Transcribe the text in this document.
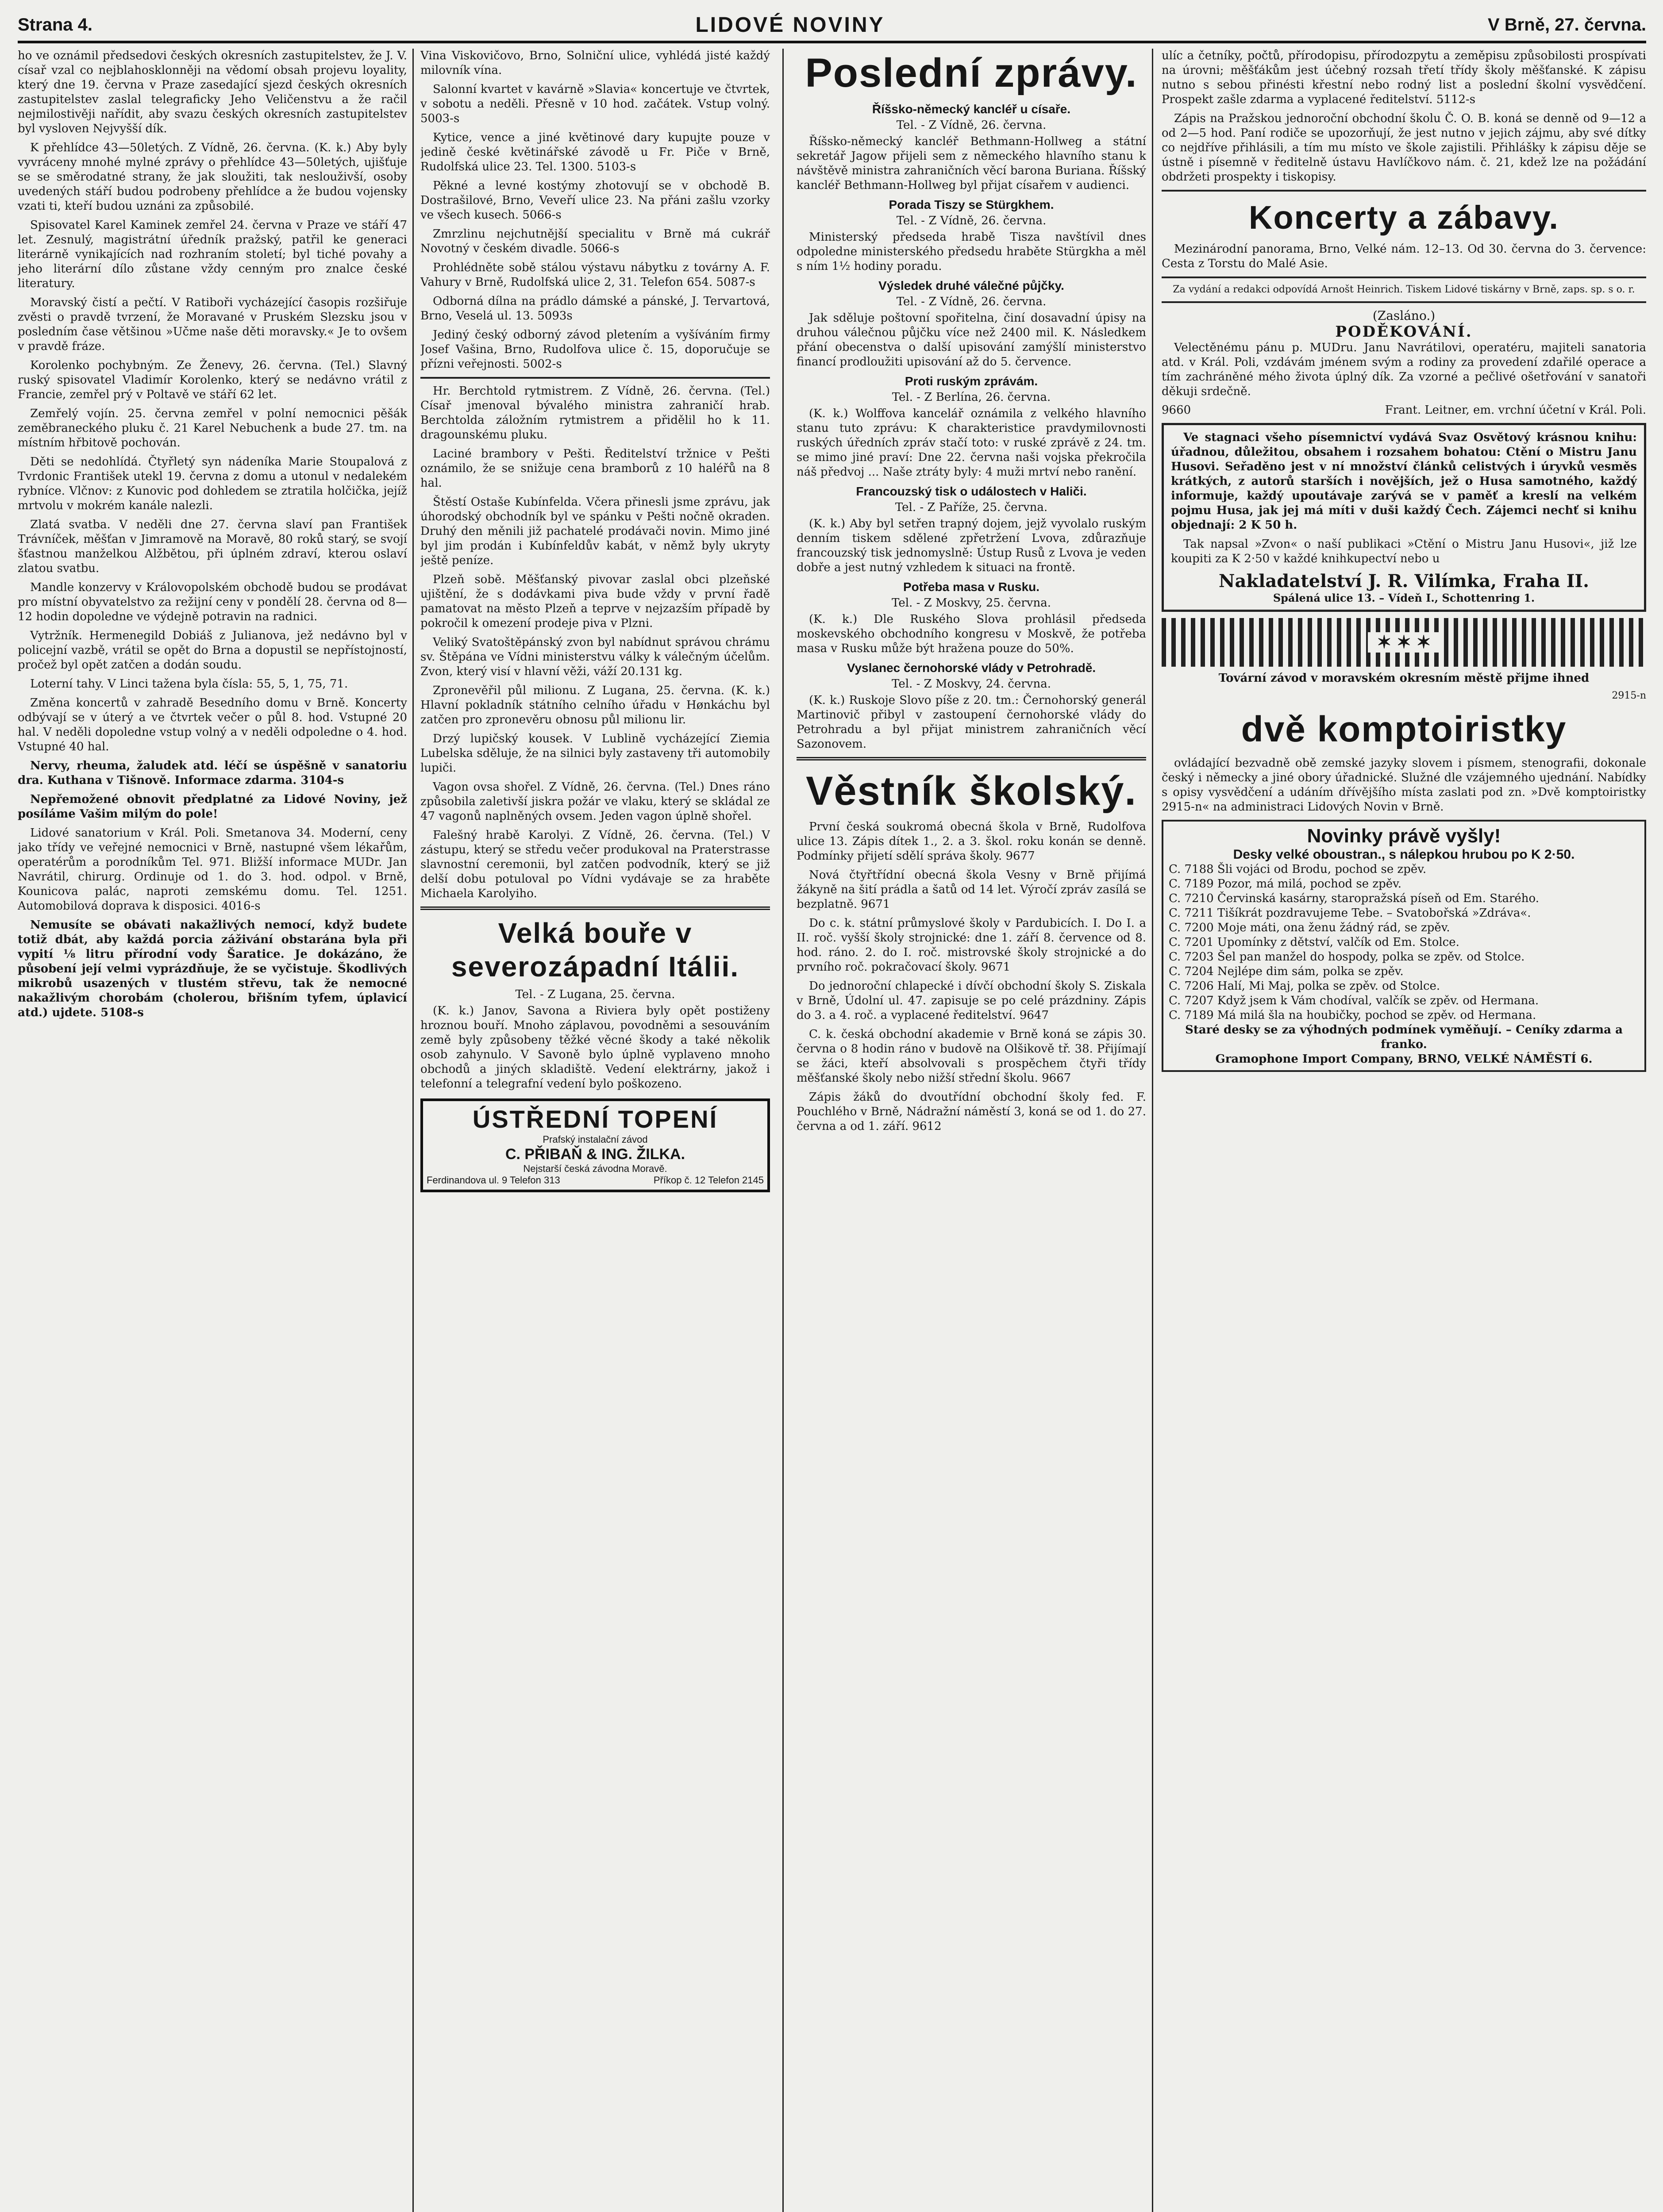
Strana 4.	LIDOVÉ NOVINY	V Brně, 27. června.

ho ve oznámil předsedovi českých okresních zastupitelstev, že J. V. císař vzal co nejblahosklonněji na vědomí obsah projevu loyality, který dne 19. června v Praze zasedající sjezd českých okresních zastupitelstev zaslal telegraficky Jeho Veličenstvu a že račil nejmilostivěji nařídit, aby svazu českých okresních zastupitelstev byl vysloven Nejvyšší dík.

K přehlídce 43—50letých. Z Vídně, 26. června. (K. k.) Aby byly vyvráceny mnohé mylné zprávy o přehlídce 43—50letých, ujišťuje se se směrodatné strany, že jak sloužiti, tak neslouživší, osoby uvedených stáří budou podrobeny přehlídce a že budou vojensky vzati ti, kteří budou uznáni za způsobilé.

Spisovatel Karel Kaminek zemřel 24. června v Praze ve stáří 47 let. Zesnulý, magistrátní úředník pražský, patřil ke generaci literárně vynikajících nad rozhraním století; byl tiché povahy a jeho literární dílo zůstane vždy cenným pro znalce české literatury.

Moravský čistí a pečtí. V Ratiboři vycházející časopis rozšiřuje zvěsti o pravdě tvrzení, že Moravané v Pruském Slezsku jsou v posledním čase většinou »Učme naše děti moravsky.« Je to ovšem v pravdě fráze.

Korolenko pochybným. Ze Ženevy, 26. června. (Tel.) Slavný ruský spisovatel Vladimír Korolenko, který se nedávno vrátil z Francie, zemřel prý v Poltavě ve stáří 62 let.

Zemřelý vojín. 25. června zemřel v polní nemocnici pěšák zeměbraneckého pluku č. 21 Karel Nebuchenk a bude 27. tm. na místním hřbitově pochován.

Děti se nedohlídá. Čtyřletý syn nádeníka Marie Stoupalová z Tvrdonic František utekl 19. června z domu a utonul v nedalekém rybníce. Vlčnov: z Kunovic pod dohledem se ztratila holčička, jejíž mrtvolu v mokrém kanále nalezli.

Zlatá svatba. V neděli dne 27. června slaví pan František Trávníček, měšťan v Jimramově na Moravě, 80 roků starý, se svojí šťastnou manželkou Alžbětou, při úplném zdraví, kterou oslaví zlatou svatbu.

Mandle konzervy v Královopolském obchodě budou se prodávat pro místní obyvatelstvo za režijní ceny v pondělí 28. června od 8—12 hodin dopoledne ve výdejně potravin na radnici.

Vytržník. Hermenegild Dobiáš z Julianova, jež nedávno byl v policejní vazbě, vrátil se opět do Brna a dopustil se nepřístojností, pročež byl opět zatčen a dodán soudu.

Loterní tahy. V Linci tažena byla čísla: 55, 5, 1, 75, 71.

Změna koncertů v zahradě Besedního domu v Brně. Koncerty odbývají se v úterý a ve čtvrtek večer o půl 8. hod. Vstupné 20 hal. V neděli dopoledne vstup volný a v neděli odpoledne o 4. hod. Vstupné 40 hal.

Nervy, rheuma, žaludek atd. léčí se úspěšně v sanatoriu dra. Kuthana v Tišnově. Informace zdarma. 3104-s

Nepřemožené obnovit předplatné za Lidové Noviny, jež posíláme Vašim milým do pole!

Lidové sanatorium v Král. Poli. Smetanova 34. Moderní, ceny jako třídy ve veřejné nemocnici v Brně, nastupné všem lékařům, operatérům a porodníkům Tel. 971. Bližší informace MUDr. Jan Navrátil, chirurg. Ordinuje od 1. do 3. hod. odpol. v Brně, Kounicova palác, naproti zemskému domu. Tel. 1251. Automobilová doprava k disposici. 4016-s

Nemusíte se obávati nakažlivých nemocí, když budete totiž dbát, aby každá porcia záživání obstarána byla při vypití ⅛ litru přírodní vody Šaratice. Je dokázáno, že působení její velmi vyprázdňuje, že se vyčistuje. Škodlivých mikrobů usazených v tlustém střevu, tak že nemocné nakažlivým chorobám (cholerou, břišním tyfem, úplavicí atd.) ujdete. 5108-s

Vina Viskovičovo, Brno, Solniční ulice, vyhlédá jisté každý milovník vína.

Salonní kvartet v kavárně »Slavia« koncertuje ve čtvrtek, v sobotu a neděli. Přesně v 10 hod. začátek. Vstup volný. 5003-s

Kytice, vence a jiné květinové dary kupujte pouze v jedině české květinářské závodě u Fr. Piče v Brně, Rudolfská ulice 23. Tel. 1300. 5103-s

Pěkné a levné kostýmy zhotovují se v obchodě B. Dostrašilové, Brno, Veveří ulice 23. Na přáni zašlu vzorky ve všech kusech. 5066-s

Zmrzlinu nejchutnější specialitu v Brně má cukrář Novotný v českém divadle. 5066-s

Prohlédněte sobě stálou výstavu nábytku z továrny A. F. Vahury v Brně, Rudolfská ulice 2, 31. Telefon 654. 5087-s

Odborná dílna na prádlo dámské a pánské, J. Tervartová, Brno, Veselá ul. 13. 5093s

Jediný český odborný závod pletením a vyšíváním firmy Josef Vašina, Brno, Rudolfova ulice č. 15, doporučuje se přízni veřejnosti. 5002-s

Hr. Berchtold rytmistrem. Z Vídně, 26. června. (Tel.) Císař jmenoval bývalého ministra zahraničí hrab. Berchtolda záložním rytmistrem a přidělil ho k 11. dragounskému pluku.

Laciné brambory v Pešti. Ředitelství tržnice v Pešti oznámilo, že se snižuje cena bramborů z 10 haléřů na 8 hal.

Štěstí Ostaše Kubínfelda. Včera přinesli jsme zprávu, jak úhorodský obchodník byl ve spánku v Pešti nočně okraden. Druhý den měnili již pachatelé prodávači novin. Mimo jiné byl jim prodán i Kubínfeldův kabát, v němž byly ukryty ještě peníze.

Plzeň sobě. Měšťanský pivovar zaslal obci plzeňské ujištění, že s dodávkami piva bude vždy v první řadě pamatovat na město Plzeň a teprve v nejzazším případě by pokročil k omezení prodeje piva v Plzni.

Veliký Svatoštěpánský zvon byl nabídnut správou chrámu sv. Štěpána ve Vídni ministerstvu války k válečným účelům. Zvon, který visí v hlavní věži, váží 20.131 kg.

Zpronevěřil půl milionu. Z Lugana, 25. června. (K. k.) Hlavní pokladník státního celního úřadu v Hønkáchu byl zatčen pro zpronevěru obnosu půl milionu lir.

Drzý lupičský kousek. V Lublině vycházející Ziemia Lubelska sděluje, že na silnici byly zastaveny tři automobily lupiči.

Vagon ovsa shořel. Z Vídně, 26. června. (Tel.) Dnes ráno způsobila zaletivší jiskra požár ve vlaku, který se skládal ze 47 vagonů naplněných ovsem. Jeden vagon úplně shořel.

Falešný hrabě Karolyi. Z Vídně, 26. června. (Tel.) V zástupu, který se středu večer produkoval na Praterstrasse slavnostní ceremonii, byl zatčen podvodník, který se již delší dobu potuloval po Vídni vydávaje se za hraběte Michaela Karolyiho.

Velká bouře v severozápadní Itálii.
Tel. - Z Lugana, 25. června.

(K. k.) Janov, Savona a Riviera byly opět postiženy hroznou bouří. Mnoho záplavou, povodněmi a sesouváním země byly způsobeny těžké věcné škody a také několik osob zahynulo. V Savoně bylo úplně vyplaveno mnoho obchodů a jiných skladiště. Vedení elektrárny, jakož i telefonní a telegrafní vedení bylo poškozeno.

ÚSTŘEDNÍ TOPENÍ
Prafský instalační závod
C. PŘIBAŇ & ING. ŽILKA.
Nejstarší česká závodna Moravě.
Ferdinandova ul. 9 Telefon 313	Příkop č. 12 Telefon 2145
Poslední zprávy.
Říšsko-německý kancléř u císaře.
Tel. - Z Vídně, 26. června.

Říšsko-německý kancléř Bethmann-Hollweg a státní sekretář Jagow přijeli sem z německého hlavního stanu k návštěvě ministra zahraničních věcí barona Buriana. Říšský kancléř Bethmann-Hollweg byl přijat císařem v audienci.

Porada Tiszy se Stürgkhem.
Tel. - Z Vídně, 26. června.

Ministerský předseda hrabě Tisza navštívil dnes odpoledne ministerského předsedu hraběte Stürgkha a měl s ním 1½ hodiny poradu.

Výsledek druhé válečné půjčky.
Tel. - Z Vídně, 26. června.

Jak sděluje poštovní spořitelna, činí dosavadní úpisy na druhou válečnou půjčku více než 2400 mil. K. Následkem přání obecenstva o další upisování zamýšlí ministerstvo financí prodloužiti upisování až do 5. července.

Proti ruským zprávám.
Tel. - Z Berlína, 26. června.

(K. k.) Wolffova kancelář oznámila z velkého hlavního stanu tuto zprávu: K charakteristice pravdymilovnosti ruských úředních zpráv stačí toto: v ruské zprávě z 24. tm. se mimo jiné praví: Dne 22. června naši vojska překročila náš předvoj ... Naše ztráty byly: 4 muži mrtví nebo ranění.

Francouzský tisk o událostech v Haliči.
Tel. - Z Paříže, 25. června.

(K. k.) Aby byl setřen trapný dojem, jejž vyvolalo ruským denním tiskem sdělené zpřetržení Lvova, zdůrazňuje francouzský tisk jednomyslně: Ústup Rusů z Lvova je veden dobře a jest nutný vzhledem k situaci na frontě.

Potřeba masa v Rusku.
Tel. - Z Moskvy, 25. června.

(K. k.) Dle Ruského Slova prohlásil předseda moskevského obchodního kongresu v Moskvě, že potřeba masa v Rusku může být hražena pouze do 50%.

Vyslanec černohorské vlády v Petrohradě.
Tel. - Z Moskvy, 24. června.

(K. k.) Ruskoje Slovo píše z 20. tm.: Černohorský generál Martinovič přibyl v zastoupení černohorské vlády do Petrohradu a byl přijat ministrem zahraničních věcí Sazonovem.

Věstník školský.

První česká soukromá obecná škola v Brně, Rudolfova ulice 13. Zápis dítek 1., 2. a 3. škol. roku konán se denně. Podmínky přijetí sdělí správa školy. 9677

Nová čtyřtřídní obecná škola Vesny v Brně přijímá žákyně na šití prádla a šatů od 14 let. Výročí zpráv zasílá se bezplatně. 9671

Do c. k. státní průmyslové školy v Pardubicích. I. Do I. a II. roč. vyšší školy strojnické: dne 1. září 8. července od 8. hod. ráno. 2. do I. roč. mistrovské školy strojnické a do prvního roč. pokračovací školy. 9671

Do jednoroční chlapecké i dívčí obchodní školy S. Ziskala v Brně, Údolní ul. 47. zapisuje se po celé prázdniny. Zápis do 3. a 4. roč. a vyplacené ředitelství. 9647

C. k. česká obchodní akademie v Brně koná se zápis 30. června o 8 hodin ráno v budově na Olšikově tř. 38. Přijímají se žáci, kteří absolvovali s prospěchem čtyři třídy měšťanské školy nebo nižší střední školu. 9667

Zápis žáků do dvoutřídní obchodní školy fed. F. Pouchlého v Brně, Nádražní náměstí 3, koná se od 1. do 27. června a od 1. září. 9612

ulíc a četníky, počtů, přírodopisu, přírodozpytu a zeměpisu způsobilosti prospívati na úrovni; měšťákům jest účebný rozsah třetí třídy školy měšťanské. K zápisu nutno s sebou přinésti křestní nebo rodný list a poslední školní vysvědčení. Prospekt zašle zdarma a vyplacené ředitelství. 5112-s

Zápis na Pražskou jednoroční obchodní školu Č. O. B. koná se denně od 9—12 a od 2—5 hod. Paní rodiče se upozorňují, že jest nutno v jejich zájmu, aby své dítky co nejdříve přihlásili, a tím mu místo ve škole zajistili. Přihlášky k zápisu děje se ústně i písemně v ředitelně ústavu Havlíčkovo nám. č. 21, kdež lze na požádání obdržeti prospekty i tiskopisy.

Koncerty a zábavy.

Mezinárodní panorama, Brno, Velké nám. 12–13. Od 30. června do 3. července: Cesta z Torstu do Malé Asie.

Za vydání a redakci odpovídá Arnošt Heinrich. Tiskem Lidové tiskárny v Brně, zaps. sp. s o. r.

(Zasláno.)
PODĚKOVÁNÍ.

Velectěnému pánu p. MUDru. Janu Navrátilovi, operatéru, majiteli sanatoria atd. v Král. Poli, vzdávám jménem svým a rodiny za provedení zdařilé operace a tím zachráněné mého života úplný dík. Za vzorné a pečlivé ošetřování v sanatoři děkuji srdečně.

9660	Frant. Leitner, em. vrchní účetní v Král. Poli.

Ve stagnaci všeho písemnictví vydává Svaz Osvětový krásnou knihu: úřadnou, důležitou, obsahem i rozsahem bohatou: Ctění o Mistru Janu Husovi. Seřaděno jest v ní množství článků celistvých i úryvků vesměs krátkých, z autorů starších i novějších, jež o Husa samotného, každý informuje, každý upoutávaje zarývá se v paměť a kreslí na velkém pojmu Husa, jak jej má míti v duši každý Čech. Zájemci nechť si knihu objednají: 2 K 50 h.

Tak napsal »Zvon« o naší publikaci »Ctění o Mistru Janu Husovi«, již lze koupiti za K 2·50 v každé knihkupectví nebo u

Nakladatelství J. R. Vilímka, Fraha II.
Spálená ulice 13. – Vídeň I., Schottenring 1.
✶ ✶ ✶

Tovární závod v moravském okresním městě přijme ihned

2915-n
dvě komptoiristky

ovládající bezvadně obě zemské jazyky slovem i písmem, stenografii, dokonale český i německy a jiné obory úřadnické. Služné dle vzájemného ujednání. Nabídky s opisy vysvědčení a udáním dřívějšího místa zaslati pod zn. »Dvě komptoiristky 2915-n« na administraci Lidových Novin v Brně.

Novinky právě vyšly!
Desky velké oboustran., s nálepkou hrubou po K 2·50.
C. 7188 Šli vojáci od Brodu, pochod se zpěv.
C. 7189 Pozor, má milá, pochod se zpěv.
C. 7210 Červinská kasárny, staropražská píseň od Em. Starého.
C. 7211 Tišíkrát pozdravujeme Tebe. – Svatobořská »Zdráva«.
C. 7200 Moje máti, ona ženu žádný rád, se zpěv.
C. 7201 Upomínky z dětství, valčík od Em. Stolce.
C. 7203 Šel pan manžel do hospody, polka se zpěv. od Stolce.
C. 7204 Nejlépe dim sám, polka se zpěv.
C. 7206 Halí, Mi Maj, polka se zpěv. od Stolce.
C. 7207 Když jsem k Vám chodíval, valčík se zpěv. od Hermana.
C. 7189 Má milá šla na houbičky, pochod se zpěv. od Hermana.
Staré desky se za výhodných podmínek vyměňují. – Ceníky zdarma a franko.
Gramophone Import Company, BRNO, VELKÉ NÁMĚSTÍ 6.
